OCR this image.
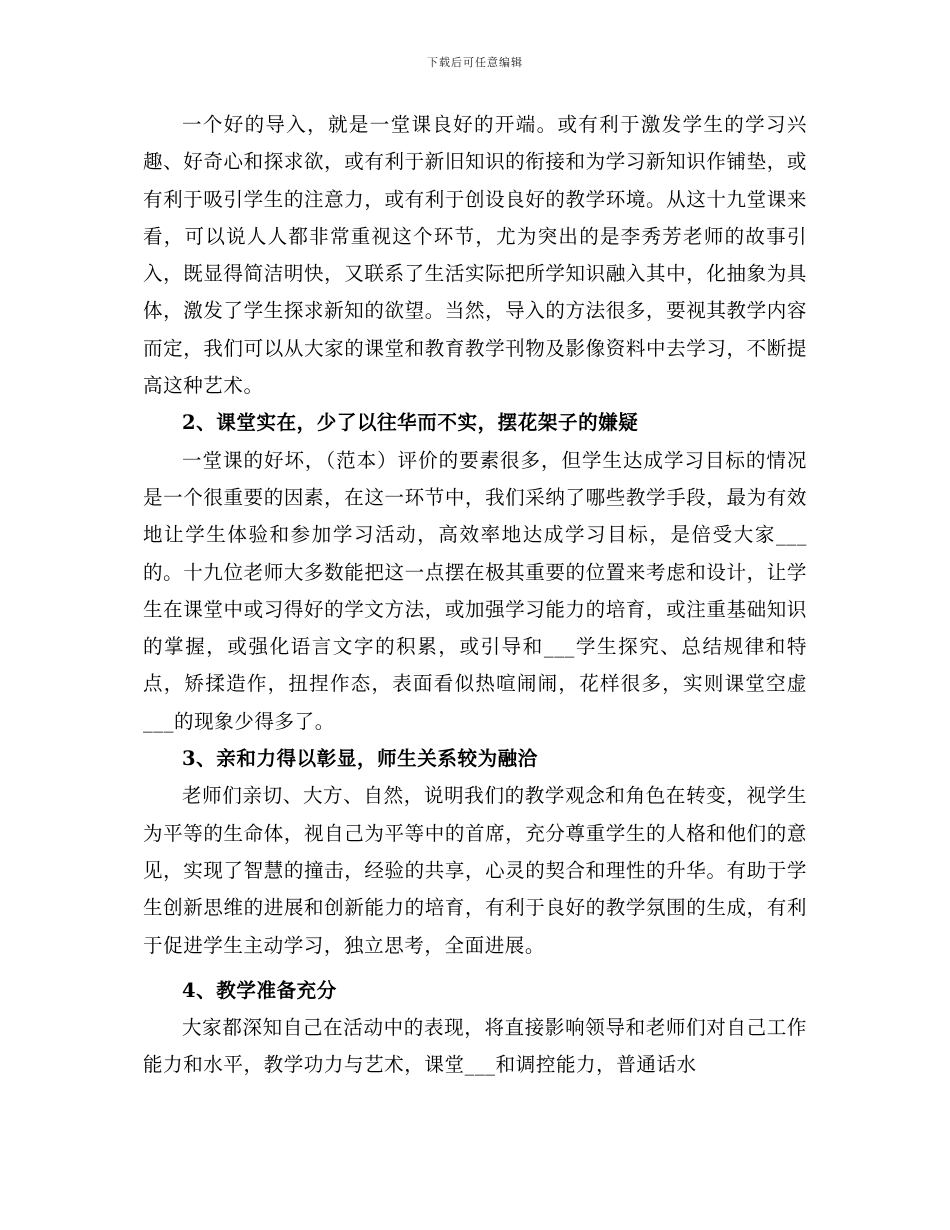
下载后可任意编辑

一个好的导入，就是一堂课良好的开端。或有利于激发学生的学习兴趣、好奇心和探求欲，或有利于新旧知识的衔接和为学习新知识作铺垫，或有利于吸引学生的注意力，或有利于创设良好的教学环境。从这十九堂课来看，可以说人人都非常重视这个环节，尤为突出的是李秀芳老师的故事引入，既显得简洁明快，又联系了生活实际把所学知识融入其中，化抽象为具体，激发了学生探求新知的欲望。当然，导入的方法很多，要视其教学内容而定，我们可以从大家的课堂和教育教学刊物及影像资料中去学习，不断提高这种艺术。

2、课堂实在，少了以往华而不实，摆花架子的嫌疑

一堂课的好坏，（范本）评价的要素很多，但学生达成学习目标的情况是一个很重要的因素，在这一环节中，我们采纳了哪些教学手段，最为有效地让学生体验和参加学习活动，高效率地达成学习目标，是倍受大家___的。十九位老师大多数能把这一点摆在极其重要的位置来考虑和设计，让学生在课堂中或习得好的学文方法，或加强学习能力的培育，或注重基础知识的掌握，或强化语言文字的积累，或引导和___学生探究、总结规律和特点，矫揉造作，扭捏作态，表面看似热喧闹闹，花样很多，实则课堂空虚___的现象少得多了。

3、亲和力得以彰显，师生关系较为融洽

老师们亲切、大方、自然，说明我们的教学观念和角色在转变，视学生为平等的生命体，视自己为平等中的首席，充分尊重学生的人格和他们的意见，实现了智慧的撞击，经验的共享，心灵的契合和理性的升华。有助于学生创新思维的进展和创新能力的培育，有利于良好的教学氛围的生成，有利于促进学生主动学习，独立思考，全面进展。

4、教学准备充分

大家都深知自己在活动中的表现，将直接影响领导和老师们对自己工作能力和水平，教学功力与艺术，课堂___和调控能力，普通话水
